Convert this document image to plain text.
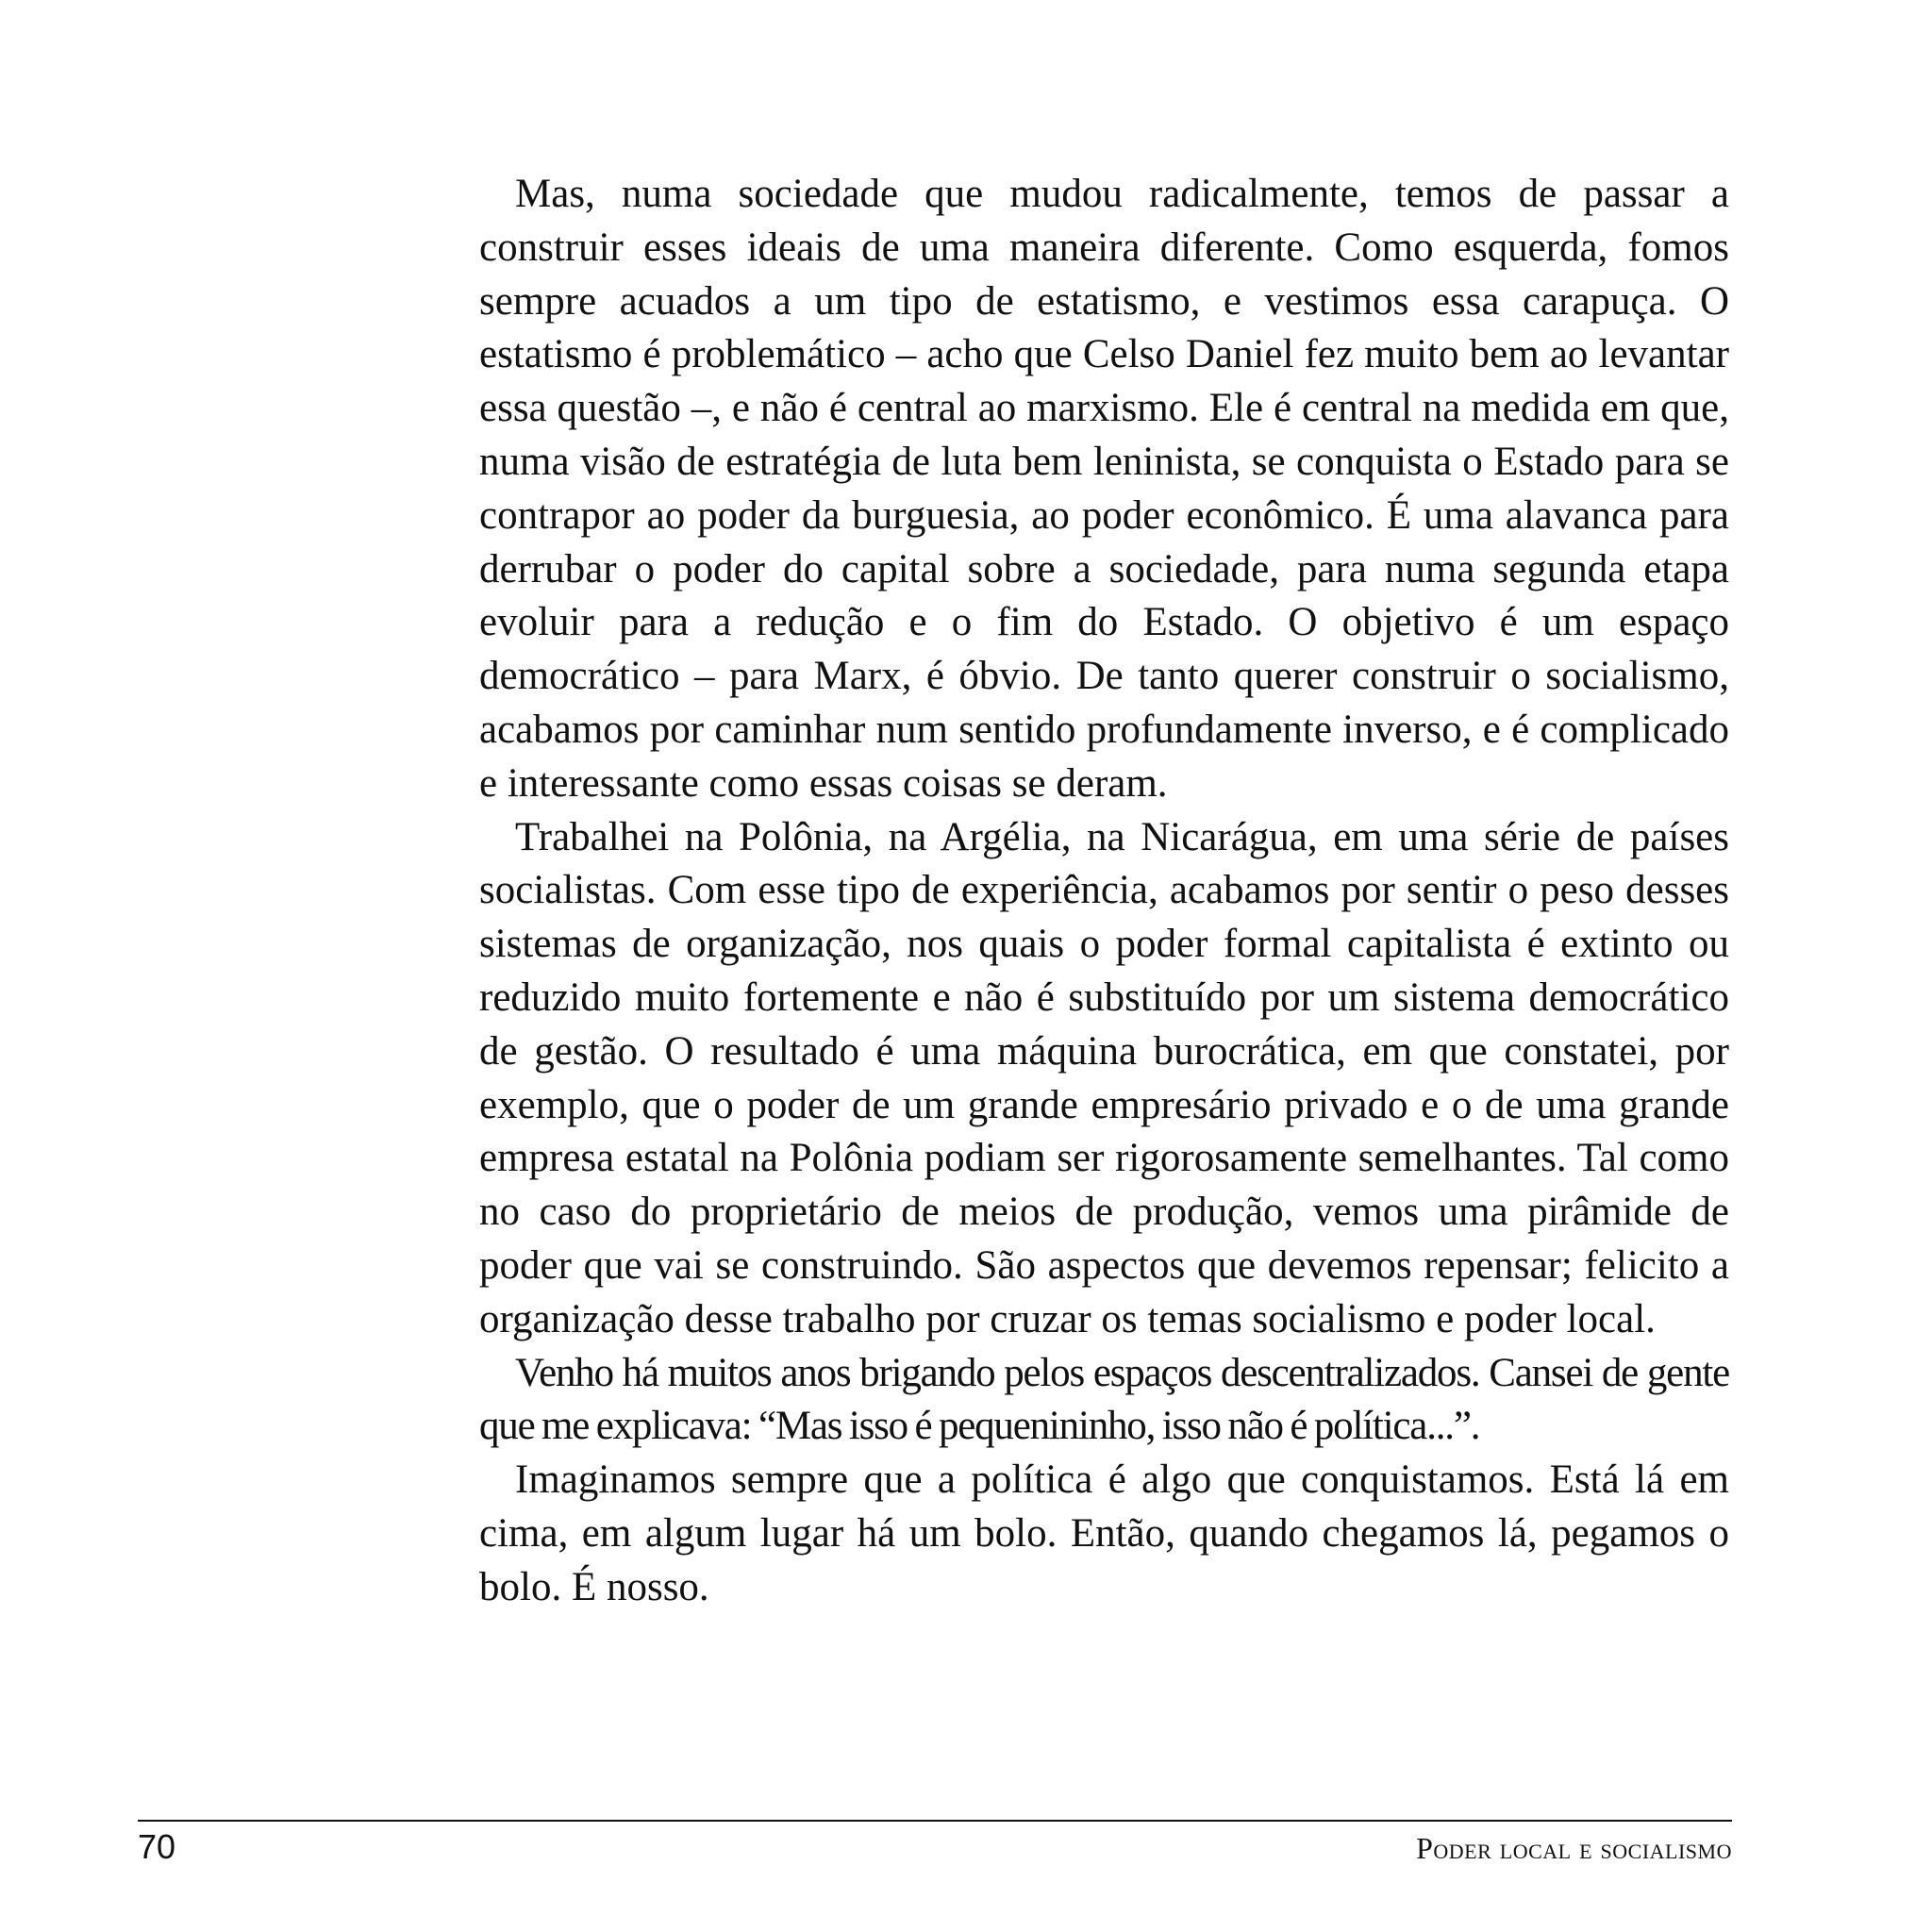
Mas, numa sociedade que mudou radicalmente, temos de passar a construir esses ideais de uma maneira diferente. Como esquerda, fomos sempre acuados a um tipo de estatismo, e vestimos essa carapuça. O estatismo é problemático – acho que Celso Daniel fez muito bem ao levantar essa questão –, e não é central ao marxismo. Ele é central na medida em que, numa visão de estratégia de luta bem leninista, se conquista o Estado para se contrapor ao poder da burguesia, ao poder econômico. É uma alavanca para derrubar o poder do capital sobre a sociedade, para numa segunda etapa evoluir para a redução e o fim do Estado. O objetivo é um espaço democrático – para Marx, é óbvio. De tanto querer construir o socialismo, acabamos por caminhar num sentido profundamente inverso, e é complicado e interessante como essas coisas se deram.

Trabalhei na Polônia, na Argélia, na Nicarágua, em uma série de países socialistas. Com esse tipo de experiência, acabamos por sentir o peso desses sistemas de organização, nos quais o poder formal capitalista é extinto ou reduzido muito fortemente e não é substituído por um sistema democrático de gestão. O resultado é uma máquina burocrática, em que constatei, por exemplo, que o poder de um grande empresário privado e o de uma grande empresa estatal na Polônia podiam ser rigorosamente semelhantes. Tal como no caso do proprietário de meios de produção, vemos uma pirâmide de poder que vai se construindo. São aspectos que devemos repensar; felicito a organização desse trabalho por cruzar os temas socialismo e poder local.

Venho há muitos anos brigando pelos espaços descentralizados. Cansei de gente que me explicava: “Mas isso é pequenininho, isso não é política...”.

Imaginamos sempre que a política é algo que conquistamos. Está lá em cima, em algum lugar há um bolo. Então, quando chegamos lá, pegamos o bolo. É nosso.

70	Poder local e socialismo
